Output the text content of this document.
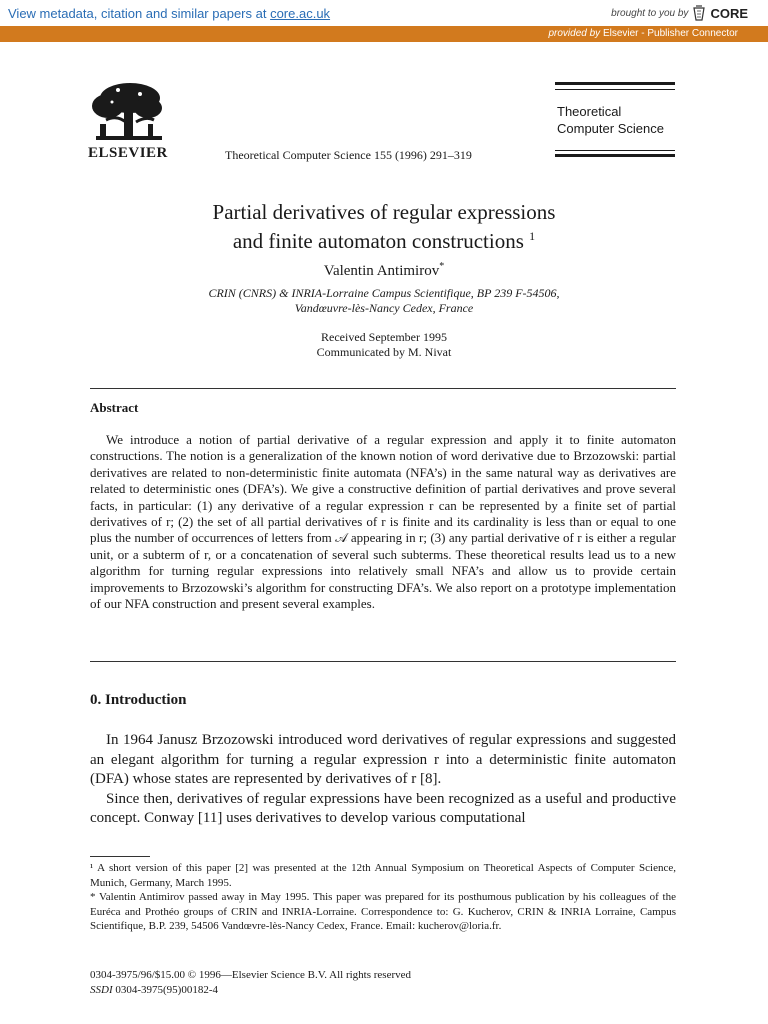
View metadata, citation and similar papers at core.ac.uk	brought to you by CORE
provided by Elsevier - Publisher Connector
ELSEVIER	Theoretical Computer Science 155 (1996) 291–319
Theoretical
Computer Science
Partial derivatives of regular expressions
and finite automaton constructions $^1$
Valentin Antimirov*
CRIN (CNRS) & INRIA-Lorraine Campus Scientifique, BP 239 F-54506,
Vandœuvre-lès-Nancy Cedex, France
Received September 1995
Communicated by M. Nivat
Abstract
We introduce a notion of partial derivative of a regular expression and apply it to finite automaton constructions. The notion is a generalization of the known notion of word derivative due to Brzozowski: partial derivatives are related to non-deterministic finite automata (NFA’s) in the same natural way as derivatives are related to deterministic ones (DFA’s). We give a constructive definition of partial derivatives and prove several facts, in particular: (1) any derivative of a regular expression r can be represented by a finite set of partial derivatives of r; (2) the set of all partial derivatives of r is finite and its cardinality is less than or equal to one plus the number of occurrences of letters from 𝒜 appearing in r; (3) any partial derivative of r is either a regular unit, or a subterm of r, or a concatenation of several such subterms. These theoretical results lead us to a new algorithm for turning regular expressions into relatively small NFA’s and allow us to provide certain improvements to Brzozowski’s algorithm for constructing DFA’s. We also report on a prototype implementation of our NFA construction and present several examples.
0. Introduction

In 1964 Janusz Brzozowski introduced word derivatives of regular expressions and suggested an elegant algorithm for turning a regular expression r into a deterministic finite automaton (DFA) whose states are represented by derivatives of r [8].

Since then, derivatives of regular expressions have been recognized as a useful and productive concept. Conway [11] uses derivatives to develop various computational

¹ A short version of this paper [2] was presented at the 12th Annual Symposium on Theoretical Aspects of Computer Science, Munich, Germany, March 1995.

* Valentin Antimirov passed away in May 1995. This paper was prepared for its posthumous publication by his colleagues of the Euréca and Prothéo groups of CRIN and INRIA-Lorraine. Correspondence to: G. Kucherov, CRIN & INRIA Lorraine, Campus Scientifique, B.P. 239, 54506 Vandœvre-lès-Nancy Cedex, France. Email: kucherov@loria.fr.

0304-3975/96/$15.00 © 1996—Elsevier Science B.V. All rights reserved
SSDI 0304-3975(95)00182-4
